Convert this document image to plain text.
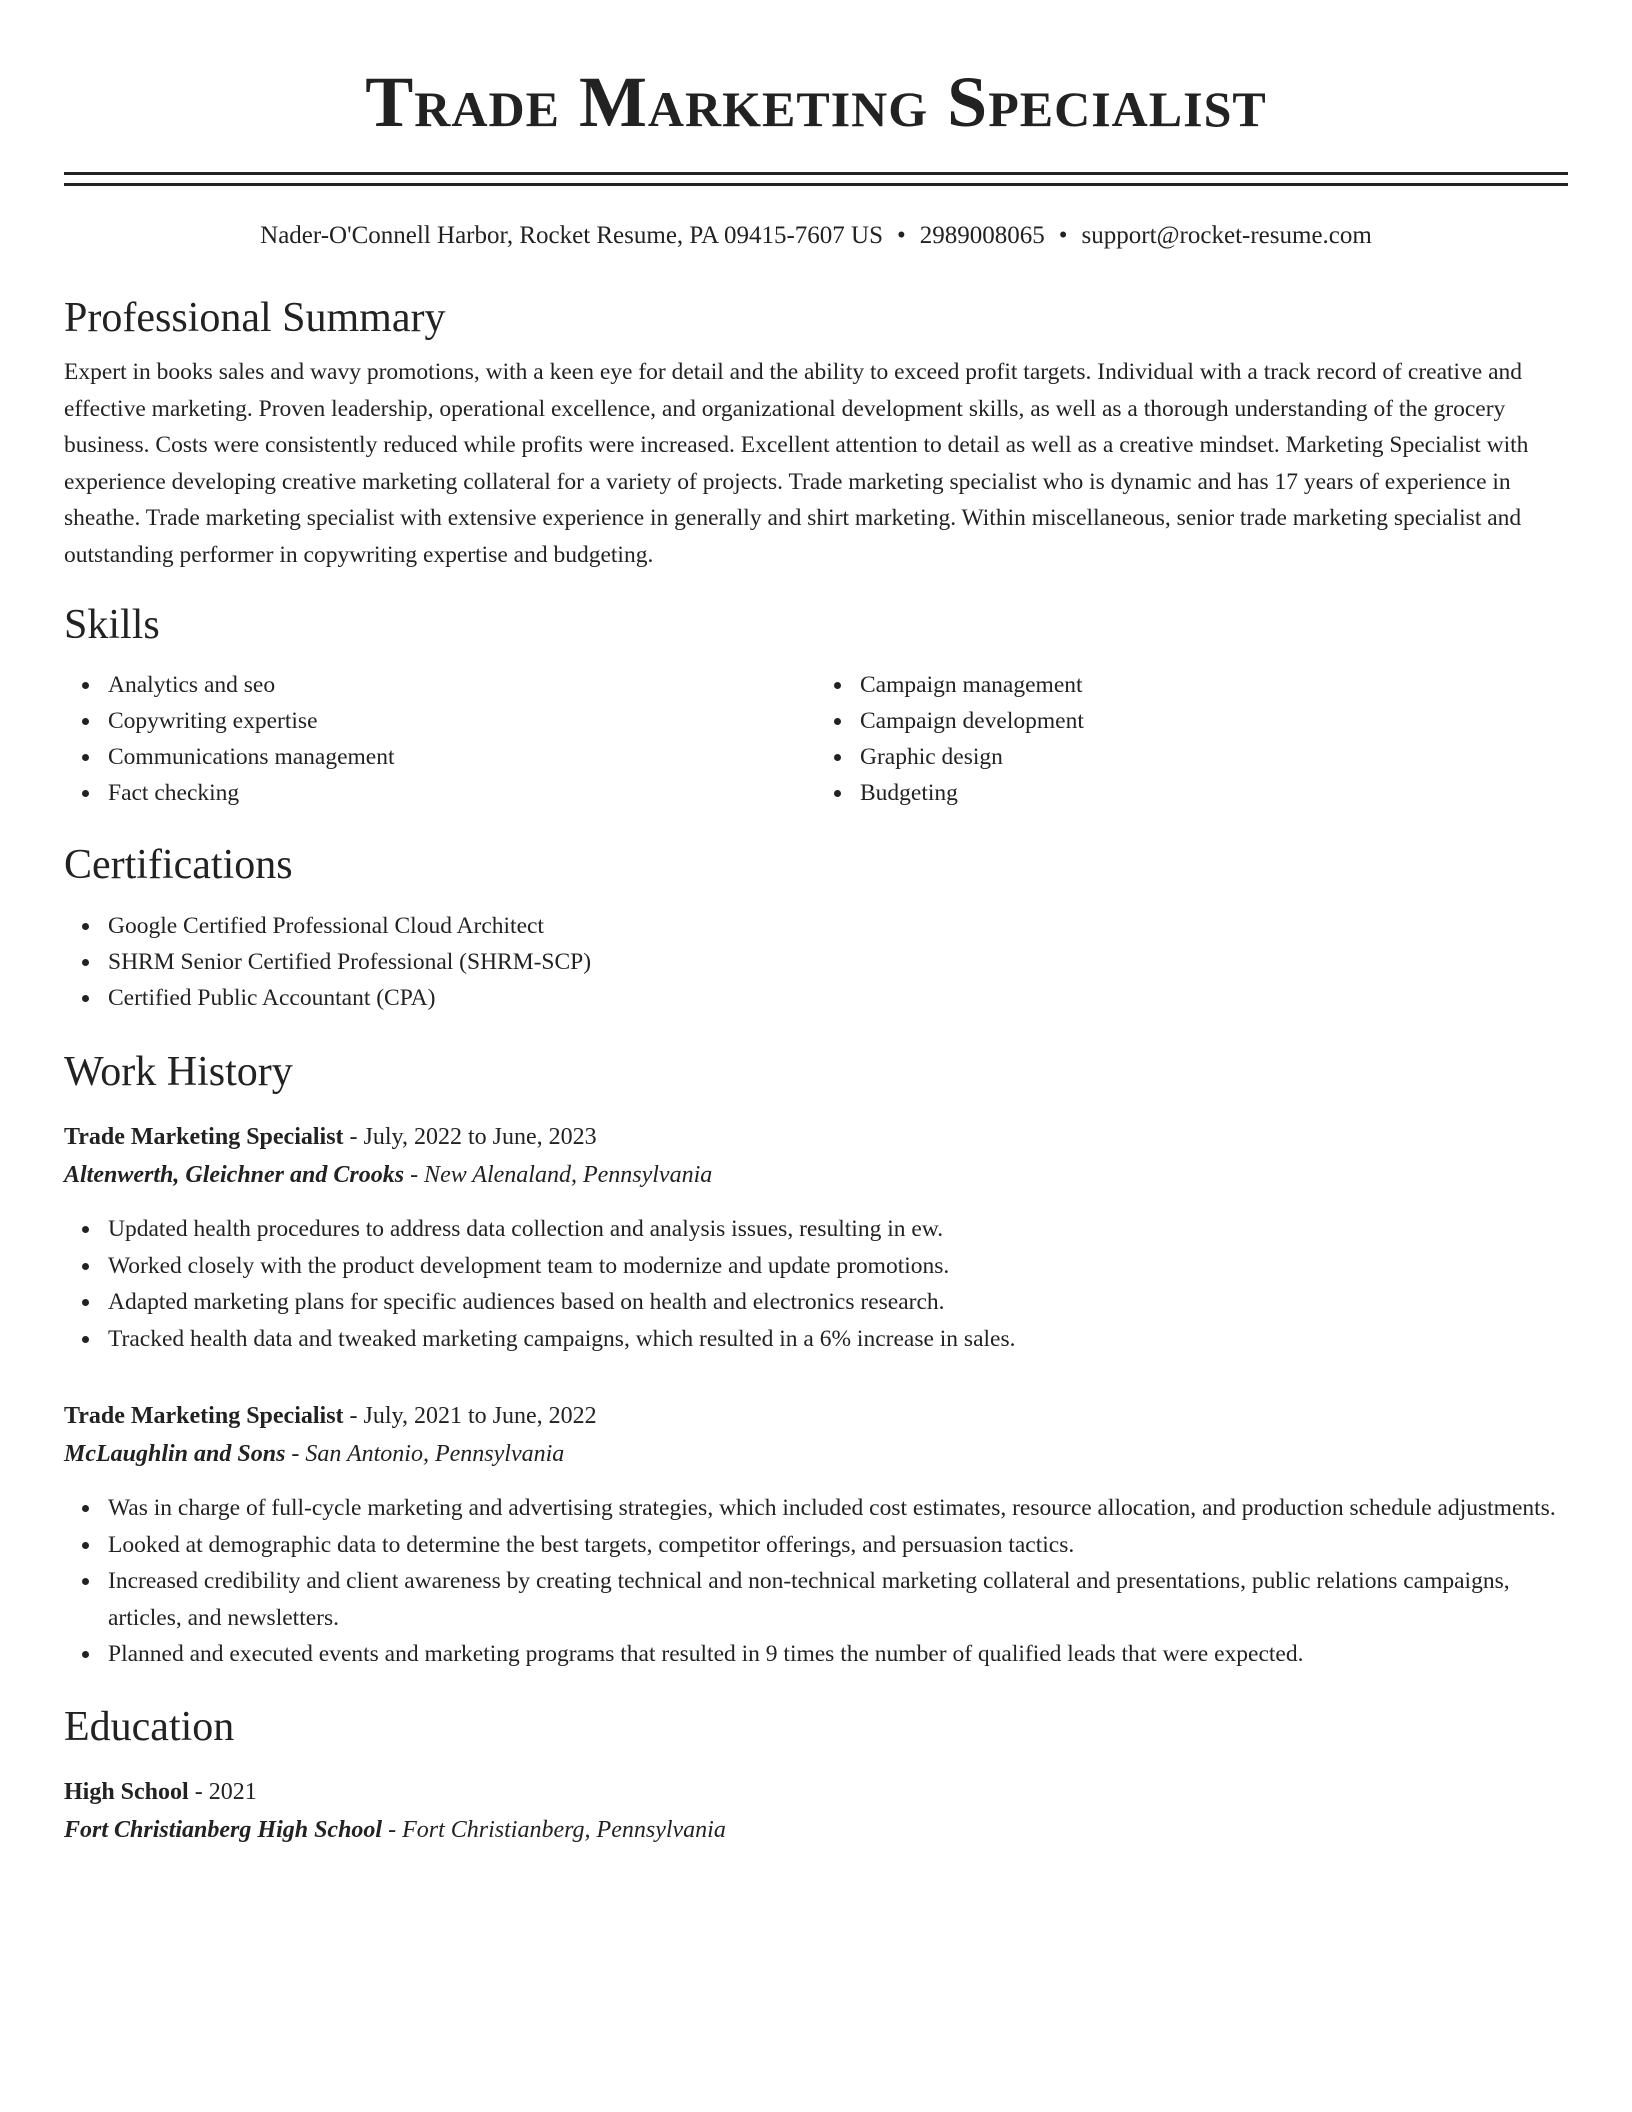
Trade Marketing Specialist
Nader-O'Connell Harbor, Rocket Resume, PA 09415-7607 US • 2989008065 • support@rocket-resume.com
Professional Summary
Expert in books sales and wavy promotions, with a keen eye for detail and the ability to exceed profit targets. Individual with a track record of creative and effective marketing. Proven leadership, operational excellence, and organizational development skills, as well as a thorough understanding of the grocery business. Costs were consistently reduced while profits were increased. Excellent attention to detail as well as a creative mindset. Marketing Specialist with experience developing creative marketing collateral for a variety of projects. Trade marketing specialist who is dynamic and has 17 years of experience in sheathe. Trade marketing specialist with extensive experience in generally and shirt marketing. Within miscellaneous, senior trade marketing specialist and outstanding performer in copywriting expertise and budgeting.
Skills
Analytics and seo
Copywriting expertise
Communications management
Fact checking
Campaign management
Campaign development
Graphic design
Budgeting
Certifications
Google Certified Professional Cloud Architect
SHRM Senior Certified Professional (SHRM-SCP)
Certified Public Accountant (CPA)
Work History
Trade Marketing Specialist - July, 2022 to June, 2023
Altenwerth, Gleichner and Crooks - New Alenaland, Pennsylvania
Updated health procedures to address data collection and analysis issues, resulting in ew.
Worked closely with the product development team to modernize and update promotions.
Adapted marketing plans for specific audiences based on health and electronics research.
Tracked health data and tweaked marketing campaigns, which resulted in a 6% increase in sales.
Trade Marketing Specialist - July, 2021 to June, 2022
McLaughlin and Sons - San Antonio, Pennsylvania
Was in charge of full-cycle marketing and advertising strategies, which included cost estimates, resource allocation, and production schedule adjustments.
Looked at demographic data to determine the best targets, competitor offerings, and persuasion tactics.
Increased credibility and client awareness by creating technical and non-technical marketing collateral and presentations, public relations campaigns, articles, and newsletters.
Planned and executed events and marketing programs that resulted in 9 times the number of qualified leads that were expected.
Education
High School - 2021
Fort Christianberg High School - Fort Christianberg, Pennsylvania
